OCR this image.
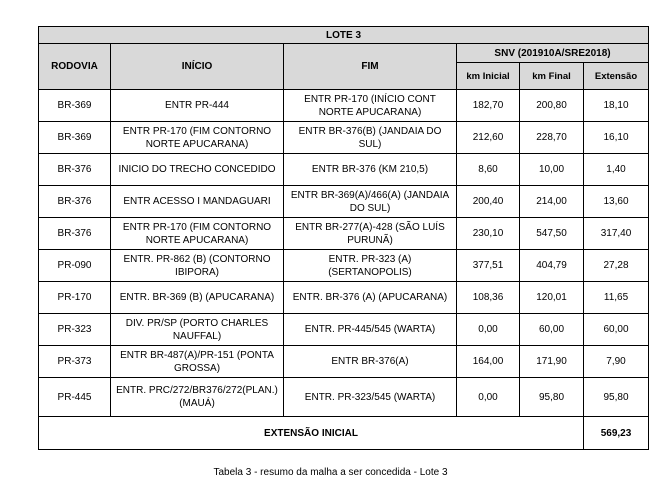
LOTE 3					
RODOVIA	INÍCIO	FIM	SNV (201910A/SRE2018)		
			km Inicial	km Final	Extensão
BR-369	ENTR PR-444	ENTR PR-170 (INÍCIO CONT NORTE APUCARANA)	182,70	200,80	18,10
BR-369	ENTR PR-170 (FIM CONTORNO NORTE APUCARANA)	ENTR BR-376(B) (JANDAIA DO SUL)	212,60	228,70	16,10
BR-376	INICIO DO TRECHO CONCEDIDO	ENTR BR-376 (KM 210,5)	8,60	10,00	1,40
BR-376	ENTR ACESSO I MANDAGUARI	ENTR BR-369(A)/466(A) (JANDAIA DO SUL)	200,40	214,00	13,60
BR-376	ENTR PR-170 (FIM CONTORNO NORTE APUCARANA)	ENTR BR-277(A)-428 (SÃO LUÍS PURUNÃ)	230,10	547,50	317,40
PR-090	ENTR. PR-862 (B) (CONTORNO IBIPORA)	ENTR. PR-323 (A) (SERTANOPOLIS)	377,51	404,79	27,28
PR-170	ENTR. BR-369 (B) (APUCARANA)	ENTR. BR-376 (A) (APUCARANA)	108,36	120,01	11,65
PR-323	DIV. PR/SP (PORTO CHARLES NAUFFAL)	ENTR. PR-445/545 (WARTA)	0,00	60,00	60,00
PR-373	ENTR BR-487(A)/PR-151 (PONTA GROSSA)	ENTR BR-376(A)	164,00	171,90	7,90
PR-445	ENTR. PRC/272/BR376/272(PLAN.) (MAUÁ)	ENTR. PR-323/545 (WARTA)	0,00	95,80	95,80
EXTENSÃO INICIAL					569,23
Tabela 3 - resumo da malha a ser concedida - Lote 3
